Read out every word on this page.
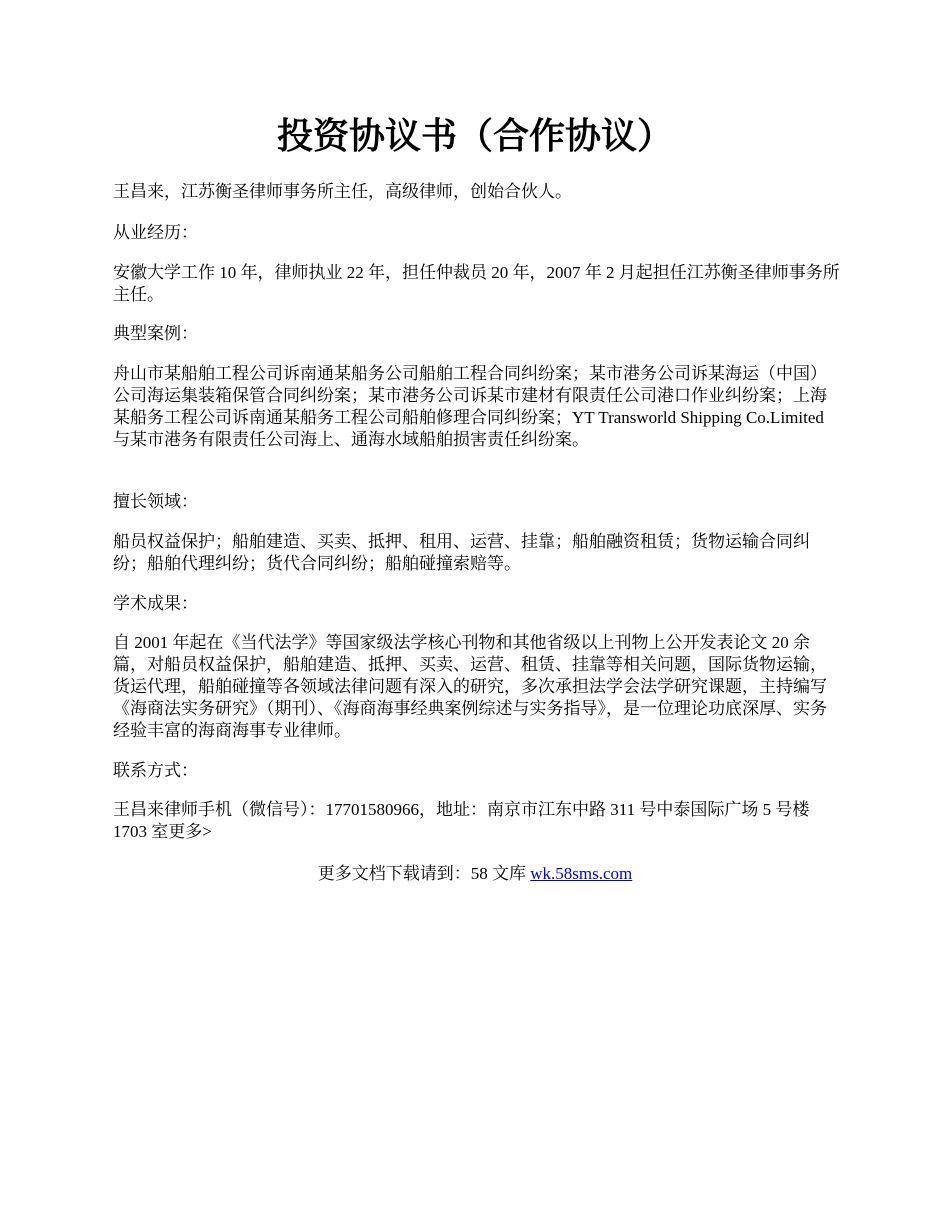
投资协议书（合作协议）

王昌来，江苏衡圣律师事务所主任，高级律师，创始合伙人。

从业经历：

安徽大学工作 10 年，律师执业 22 年，担任仲裁员 20 年，2007 年 2 月起担任江苏衡圣律师事务所主任。

典型案例：

舟山市某船舶工程公司诉南通某船务公司船舶工程合同纠纷案；某市港务公司诉某海运（中国）公司海运集装箱保管合同纠纷案；某市港务公司诉某市建材有限责任公司港口作业纠纷案；上海某船务工程公司诉南通某船务工程公司船舶修理合同纠纷案；YT Transworld Shipping Co.Limited 与某市港务有限责任公司海上、通海水域船舶损害责任纠纷案。

擅长领域：

船员权益保护；船舶建造、买卖、抵押、租用、运营、挂靠；船舶融资租赁；货物运输合同纠纷；船舶代理纠纷；货代合同纠纷；船舶碰撞索赔等。

学术成果：

自 2001 年起在《当代法学》等国家级法学核心刊物和其他省级以上刊物上公开发表论文 20 余篇，对船员权益保护，船舶建造、抵押、买卖、运营、租赁、挂靠等相关问题，国际货物运输，货运代理，船舶碰撞等各领域法律问题有深入的研究，多次承担法学会法学研究课题，主持编写《海商法实务研究》（期刊）、《海商海事经典案例综述与实务指导》，是一位理论功底深厚、实务经验丰富的海商海事专业律师。

联系方式：

王昌来律师手机（微信号）：17701580966，地址：南京市江东中路 311 号中泰国际广场 5 号楼 1703 室更多>

更多文档下载请到：58 文库 wk.58sms.com
